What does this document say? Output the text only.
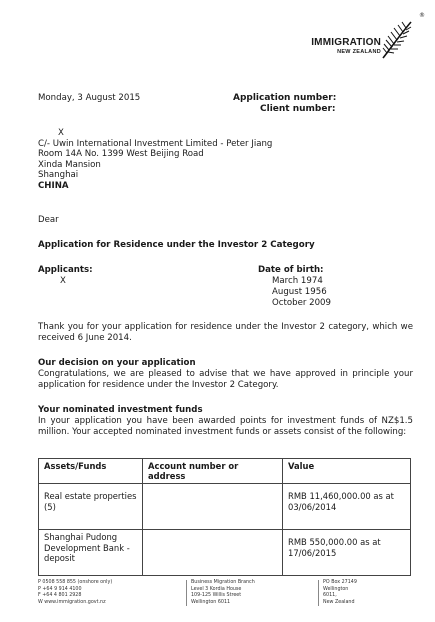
IMMIGRATION
NEW ZEALAND
®
Monday, 3 August 2015	Application number:
Client number:
X
C/- Uwin International Investment Limited - Peter Jiang
Room 14A No. 1399 West Beijing Road
Xinda Mansion
Shanghai
CHINA
Dear
Application for Residence under the Investor 2 Category
Applicants:
X
Date of birth:
March 1974
August 1956
October 2009
Thank you for your application for residence under the Investor 2 category, which we received 6 June 2014.
Our decision on your application
Congratulations, we are pleased to advise that we have approved in principle your application for residence under the Investor 2 Category.
Your nominated investment funds
In your application you have been awarded points for investment funds of NZ$1.5 million. Your accepted nominated investment funds or assets consist of the following:
Assets/Funds	Account number or address	Value
Real estate properties (5)		RMB 11,460,000.00 as at 03/06/2014
Shanghai Pudong Development Bank - deposit		RMB 550,000.00 as at 17/06/2015
P 0508 558 855 (onshore only)
P +64 9 914 4100
F +64 4 801 2928
W www.immigration.govt.nz
Business Migration Branch
Level 3 Kordia House
109-125 Willis Street
Wellington 6011
PO Box 27149
Wellington
6011,
New Zealand
